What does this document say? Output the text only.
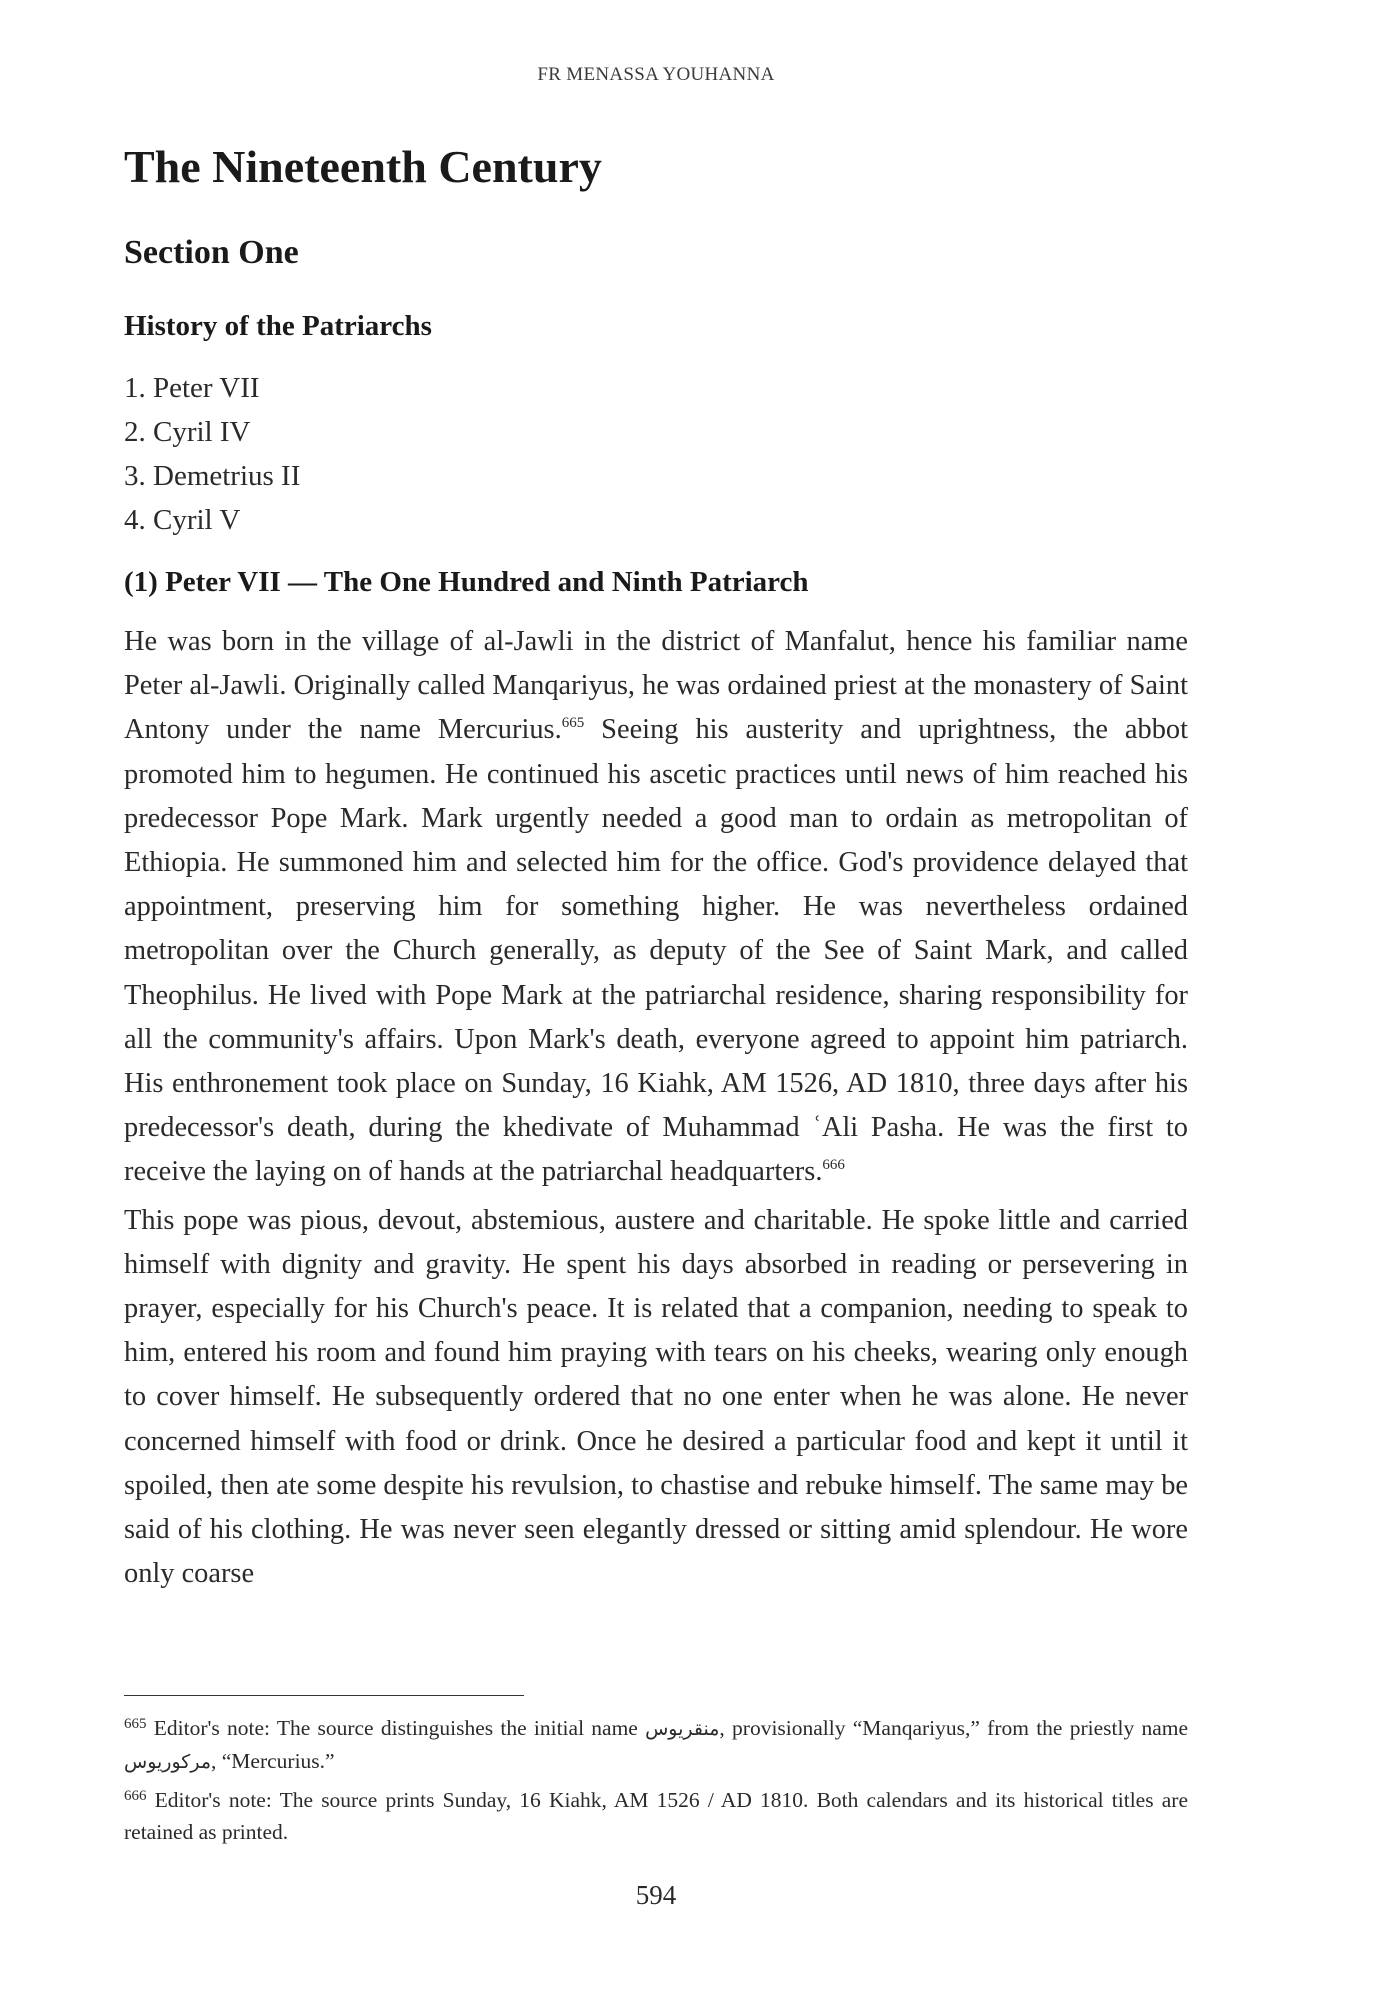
FR MENASSA YOUHANNA
The Nineteenth Century
Section One
History of the Patriarchs
1. Peter VII
2. Cyril IV
3. Demetrius II
4. Cyril V
(1) Peter VII — The One Hundred and Ninth Patriarch

He was born in the village of al-Jawli in the district of Manfalut, hence his familiar name Peter al-Jawli. Originally called Manqariyus, he was ordained priest at the monastery of Saint Antony under the name Mercurius.$^{665}$ Seeing his austerity and uprightness, the abbot promoted him to hegumen. He continued his ascetic practices until news of him reached his predecessor Pope Mark. Mark urgently needed a good man to ordain as metropolitan of Ethiopia. He summoned him and selected him for the office. God's providence delayed that appointment, preserving him for something higher. He was nevertheless ordained metropolitan over the Church generally, as deputy of the See of Saint Mark, and called Theophilus. He lived with Pope Mark at the patriarchal residence, sharing responsibility for all the community's affairs. Upon Mark's death, everyone agreed to appoint him patriarch. His enthronement took place on Sunday, 16 Kiahk, AM 1526, AD 1810, three days after his predecessor's death, during the khedivate of Muhammad ʿAli Pasha. He was the first to receive the laying on of hands at the patriarchal headquarters.$^{666}$

This pope was pious, devout, abstemious, austere and charitable. He spoke little and carried himself with dignity and gravity. He spent his days absorbed in reading or persevering in prayer, especially for his Church's peace. It is related that a companion, needing to speak to him, entered his room and found him praying with tears on his cheeks, wearing only enough to cover himself. He subsequently ordered that no one enter when he was alone. He never concerned himself with food or drink. Once he desired a particular food and kept it until it spoiled, then ate some despite his revulsion, to chastise and rebuke himself. The same may be said of his clothing. He was never seen elegantly dressed or sitting amid splendour. He wore only coarse

$^{665}$ Editor's note: The source distinguishes the initial name منقريوس, provisionally “Manqariyus,” from the priestly name مركوريوس, “Mercurius.”

$^{666}$ Editor's note: The source prints Sunday, 16 Kiahk, AM 1526 / AD 1810. Both calendars and its historical titles are retained as printed.

594
